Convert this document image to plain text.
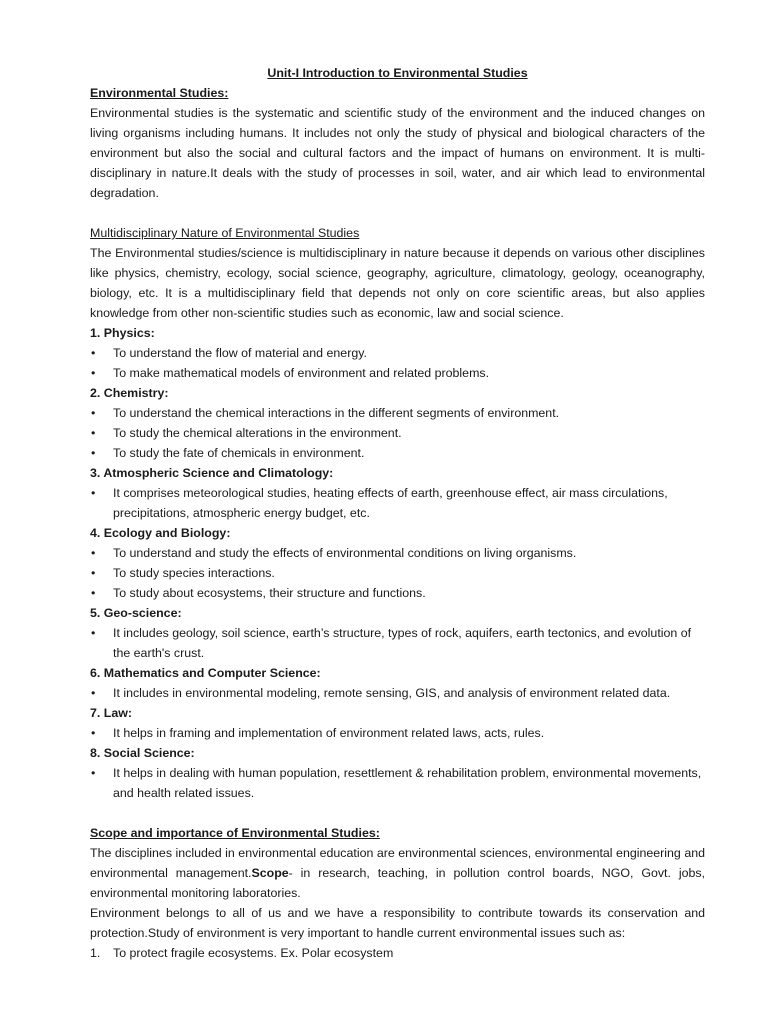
Unit-I Introduction to Environmental Studies
Environmental Studies:

Environmental studies is the systematic and scientific study of the environment and the induced changes on living organisms including humans. It includes not only the study of physical and biological characters of the environment but also the social and cultural factors and the impact of humans on environment. It is multi-disciplinary in nature.It deals with the study of processes in soil, water, and air which lead to environmental degradation.

Multidisciplinary Nature of Environmental Studies

The Environmental studies/science is multidisciplinary in nature because it depends on various other disciplines like physics, chemistry, ecology, social science, geography, agriculture, climatology, geology, oceanography, biology, etc. It is a multidisciplinary field that depends not only on core scientific areas, but also applies knowledge from other non-scientific studies such as economic, law and social science.

1. Physics:
• To understand the flow of material and energy.
• To make mathematical models of environment and related problems.
2. Chemistry:
• To understand the chemical interactions in the different segments of environment.
• To study the chemical alterations in the environment.
• To study the fate of chemicals in environment.
3. Atmospheric Science and Climatology:
• It comprises meteorological studies, heating effects of earth, greenhouse effect, air mass circulations, precipitations, atmospheric energy budget, etc.
4. Ecology and Biology:
• To understand and study the effects of environmental conditions on living organisms.
• To study species interactions.
• To study about ecosystems, their structure and functions.
5. Geo-science:
• It includes geology, soil science, earth’s structure, types of rock, aquifers, earth tectonics, and evolution of the earth's crust.
6. Mathematics and Computer Science:
• It includes in environmental modeling, remote sensing, GIS, and analysis of environment related data.
7. Law:
• It helps in framing and implementation of environment related laws, acts, rules.
8. Social Science:
• It helps in dealing with human population, resettlement & rehabilitation problem, environmental movements, and health related issues.
Scope and importance of Environmental Studies:

The disciplines included in environmental education are environmental sciences, environmental engineering and environmental management.Scope- in research, teaching, in pollution control boards, NGO, Govt. jobs, environmental monitoring laboratories.

Environment belongs to all of us and we have a responsibility to contribute towards its conservation and protection.Study of environment is very important to handle current environmental issues such as:

1. To protect fragile ecosystems. Ex. Polar ecosystem
